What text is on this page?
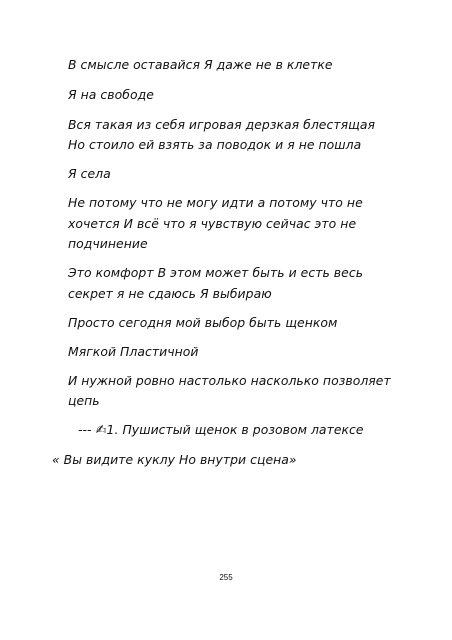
В смысле оставайся Я даже не в клетке
Я на свободе
Вся такая из себя игровая дерзкая блестящая
Но стоило ей взять за поводок и я не пошла
Я села
Не потому что не могу идти а потому что не
хочется И всё что я чувствую сейчас это не
подчинение
Это комфорт В этом может быть и есть весь
секрет я не сдаюсь Я выбираю
Просто сегодня мой выбор быть щенком
Мягкой Пластичной
И нужной ровно настолько насколько позволяет
цепь
--- ✍1. Пушистый щенок в розовом латексе
« Вы видите куклу Но внутри сцена»
255
